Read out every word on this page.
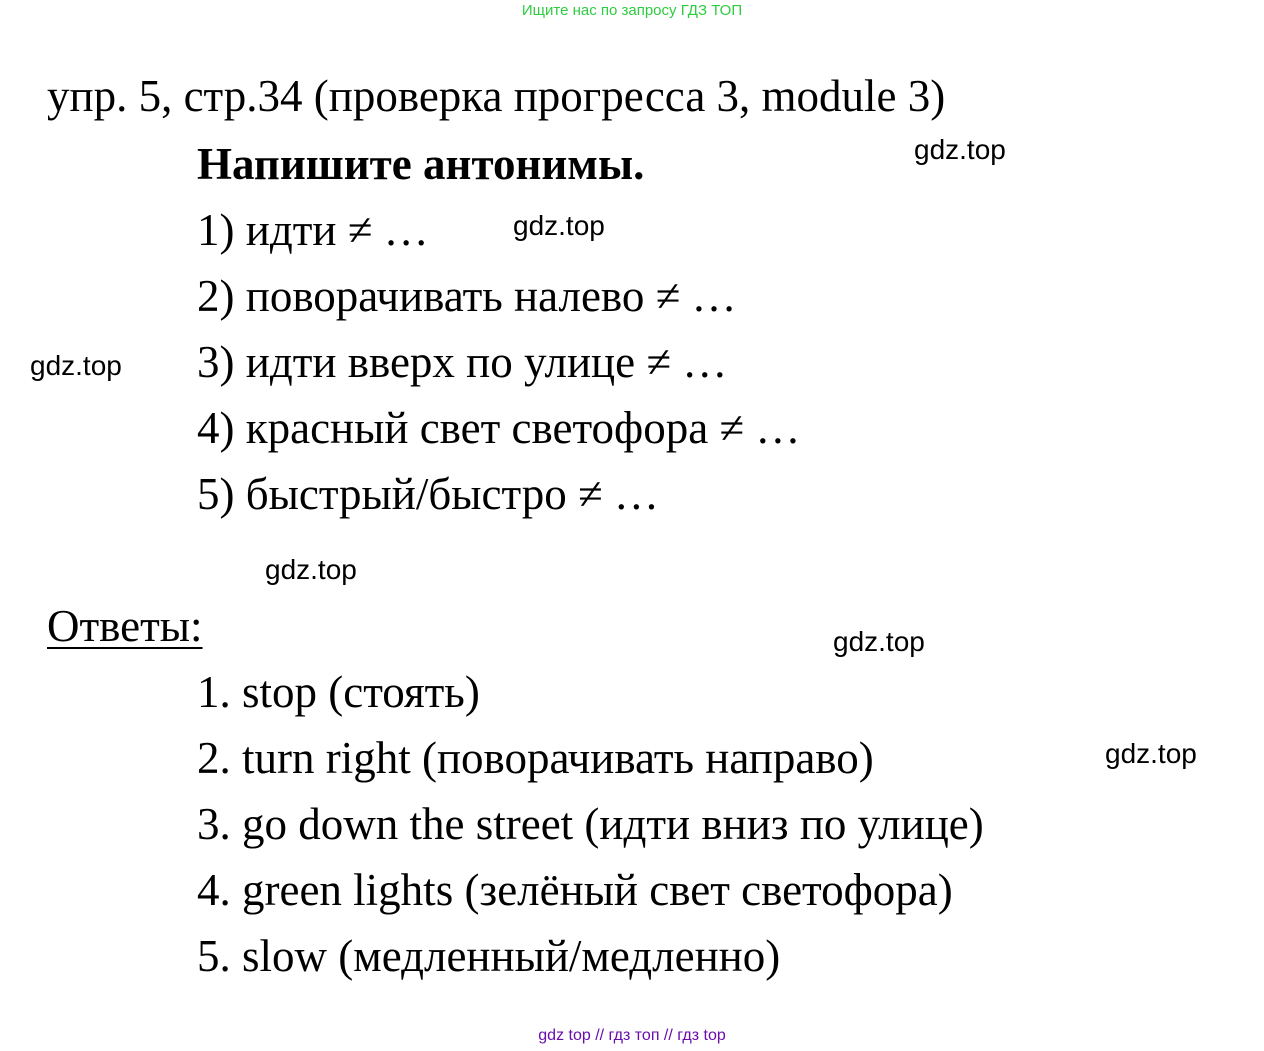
Ищите нас по запросу ГДЗ ТОП
упр. 5, стр.34 (проверка прогресса 3, module 3)
Напишите антонимы.
1) идти ≠ …
2) поворачивать налево ≠ …
3) идти вверх по улице ≠ …
4) красный свет светофора ≠ …
5) быстрый/быстро ≠ …
Ответы:
1. stop (стоять)
2. turn right (поворачивать направо)
3. go down the street (идти вниз по улице)
4. green lights (зелёный свет светофора)
5. slow (медленный/медленно)
gdz.top
gdz.top
gdz.top
gdz.top
gdz.top
gdz.top
gdz top // гдз топ // гдз top
